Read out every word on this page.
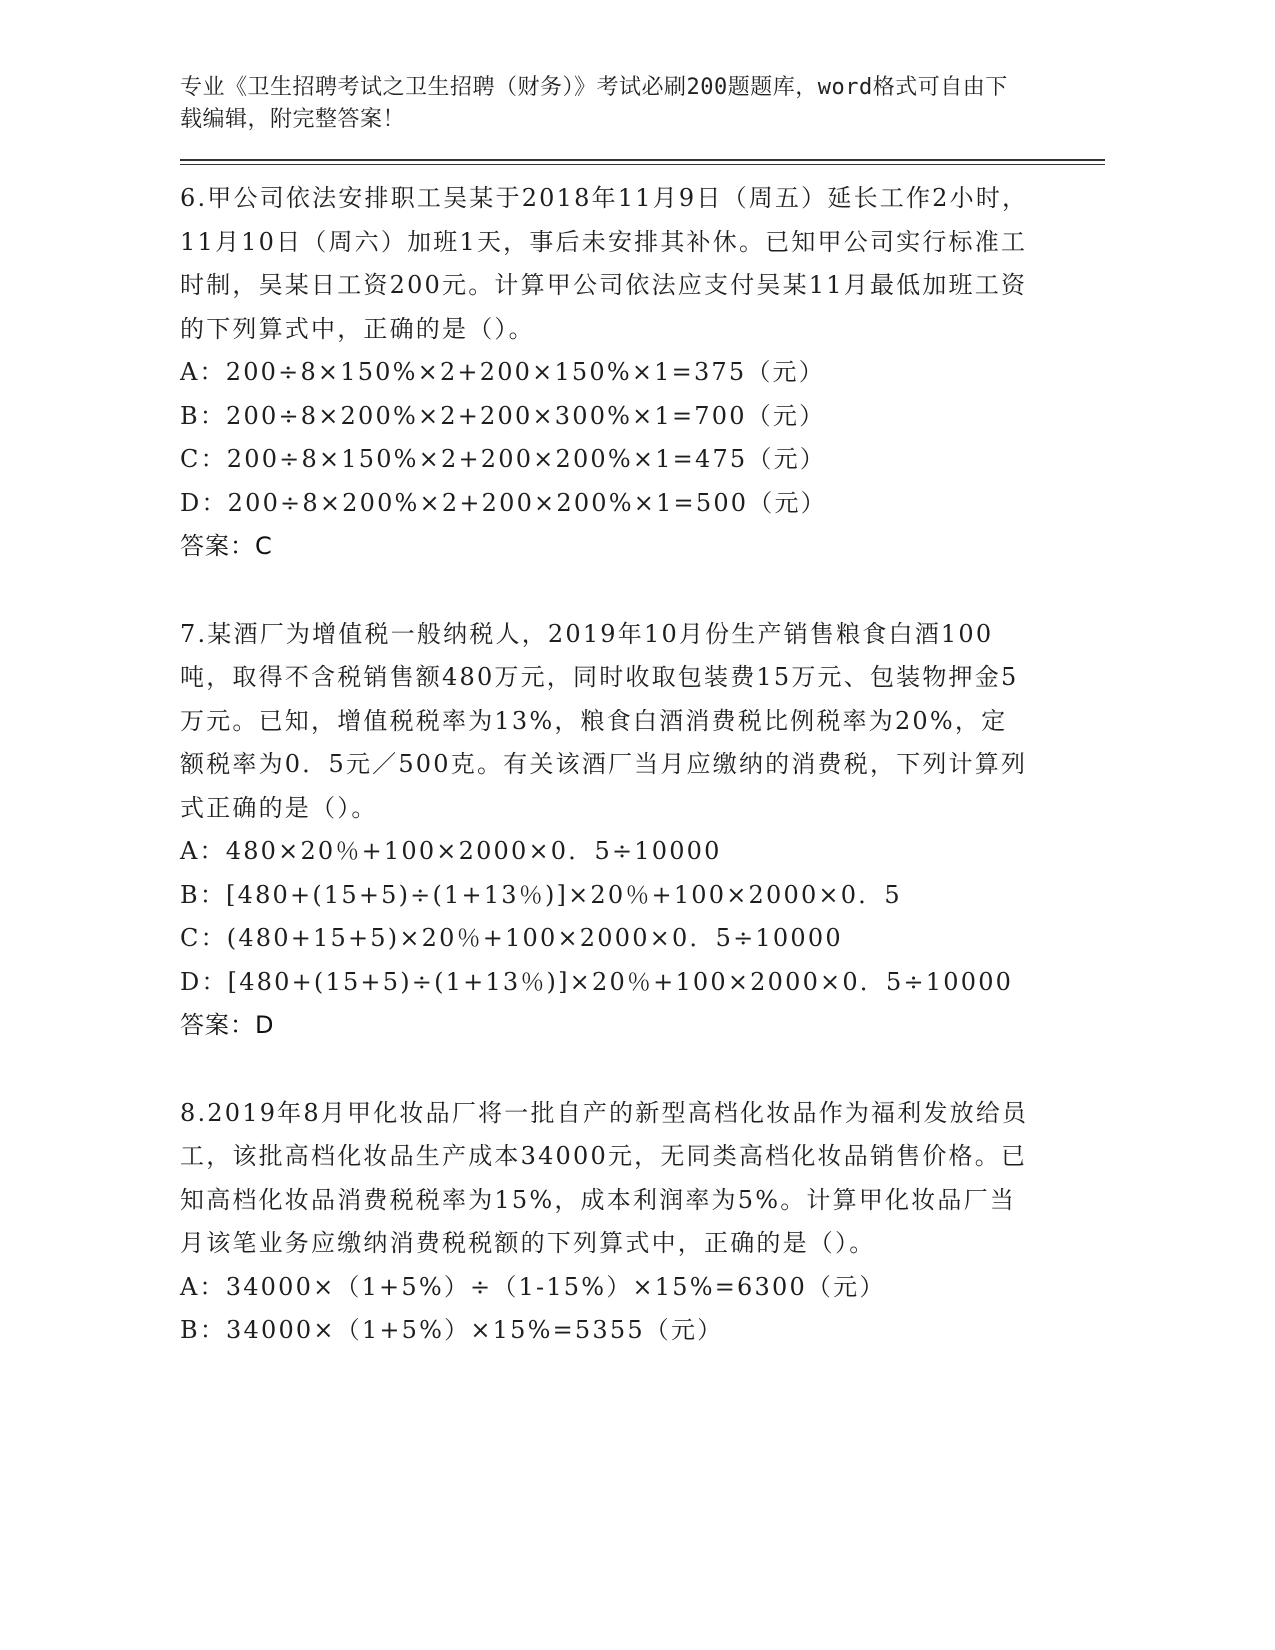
专业《卫生招聘考试之卫生招聘（财务）》考试必刷200题题库，word格式可自由下载编辑，附完整答案！
6.甲公司依法安排职工吴某于2018年11月9日（周五）延长工作2小时，11月10日（周六）加班1天，事后未安排其补休。已知甲公司实行标准工时制，吴某日工资200元。计算甲公司依法应支付吴某11月最低加班工资的下列算式中，正确的是（）。
A：200÷8×150%×2+200×150%×1=375（元）
B：200÷8×200%×2+200×300%×1=700（元）
C：200÷8×150%×2+200×200%×1=475（元）
D：200÷8×200%×2+200×200%×1=500（元）
答案：C
7.某酒厂为增值税一般纳税人，2019年10月份生产销售粮食白酒100吨，取得不含税销售额480万元，同时收取包装费15万元、包装物押金5万元。已知，增值税税率为13%，粮食白酒消费税比例税率为20%，定额税率为0．5元／500克。有关该酒厂当月应缴纳的消费税，下列计算列式正确的是（）。
A：480×20％+100×2000×0．5÷10000
B：[480+(15+5)÷(1+13％)]×20％+100×2000×0．5
C：(480+15+5)×20％+100×2000×0．5÷10000
D：[480+(15+5)÷(1+13％)]×20％+100×2000×0．5÷10000
答案：D
8.2019年8月甲化妆品厂将一批自产的新型高档化妆品作为福利发放给员工，该批高档化妆品生产成本34000元，无同类高档化妆品销售价格。已知高档化妆品消费税税率为15%，成本利润率为5%。计算甲化妆品厂当月该笔业务应缴纳消费税税额的下列算式中，正确的是（）。
A：34000×（1+5%）÷（1-15%）×15%=6300（元）
B：34000×（1+5%）×15%=5355（元）
